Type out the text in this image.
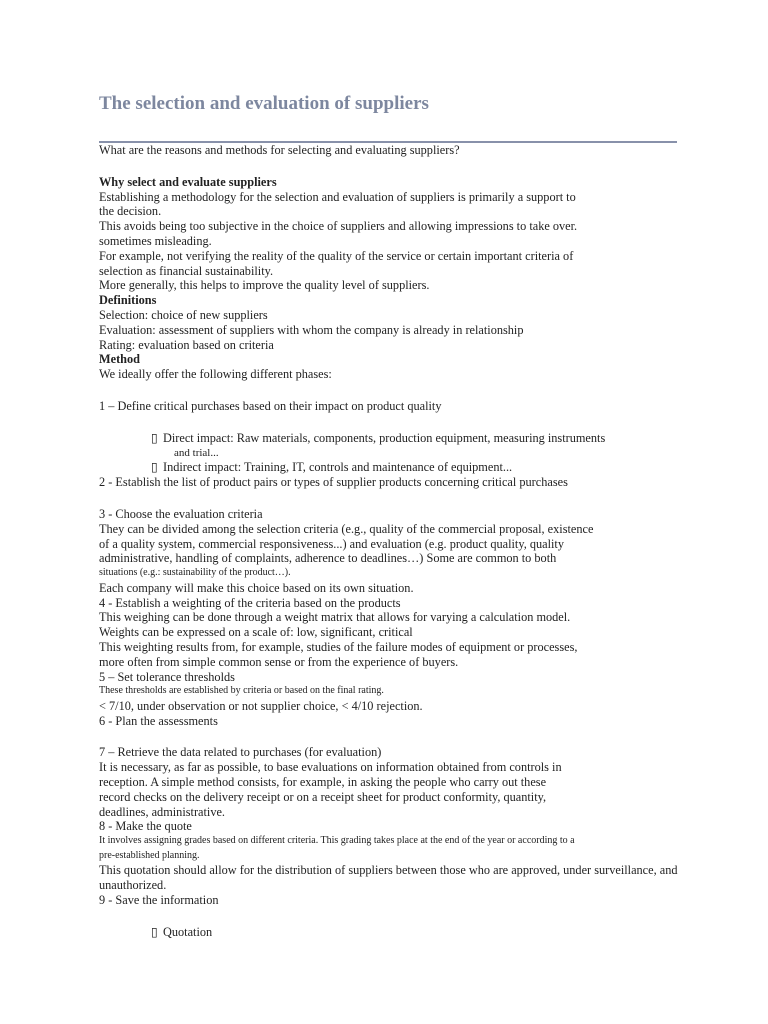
The selection and evaluation of suppliers

What are the reasons and methods for selecting and evaluating suppliers?

Why select and evaluate suppliers

Establishing a methodology for the selection and evaluation of suppliers is primarily a support to

the decision.

This avoids being too subjective in the choice of suppliers and allowing impressions to take over.

sometimes misleading.

For example, not verifying the reality of the quality of the service or certain important criteria of

selection as financial sustainability.

More generally, this helps to improve the quality level of suppliers.

Definitions

Selection: choice of new suppliers

Evaluation: assessment of suppliers with whom the company is already in relationship

Rating: evaluation based on criteria

Method

We ideally offer the following different phases:

1 – Define critical purchases based on their impact on product quality

▯ Direct impact: Raw materials, components, production equipment, measuring instruments

and trial...

▯ Indirect impact: Training, IT, controls and maintenance of equipment...

2 - Establish the list of product pairs or types of supplier products concerning critical purchases

3 - Choose the evaluation criteria

They can be divided among the selection criteria (e.g., quality of the commercial proposal, existence

of a quality system, commercial responsiveness...) and evaluation (e.g. product quality, quality

administrative, handling of complaints, adherence to deadlines…) Some are common to both

situations (e.g.: sustainability of the product…).

Each company will make this choice based on its own situation.

4 - Establish a weighting of the criteria based on the products

This weighing can be done through a weight matrix that allows for varying a calculation model.

Weights can be expressed on a scale of: low, significant, critical

This weighting results from, for example, studies of the failure modes of equipment or processes,

more often from simple common sense or from the experience of buyers.

5 – Set tolerance thresholds

These thresholds are established by criteria or based on the final rating.

< 7/10, under observation or not supplier choice, < 4/10 rejection.

6 - Plan the assessments

7 – Retrieve the data related to purchases (for evaluation)

It is necessary, as far as possible, to base evaluations on information obtained from controls in

reception. A simple method consists, for example, in asking the people who carry out these

record checks on the delivery receipt or on a receipt sheet for product conformity, quantity,

deadlines, administrative.

8 - Make the quote

It involves assigning grades based on different criteria. This grading takes place at the end of the year or according to a

pre-established planning.

This quotation should allow for the distribution of suppliers between those who are approved, under surveillance, and

unauthorized.

9 - Save the information

▯ Quotation
